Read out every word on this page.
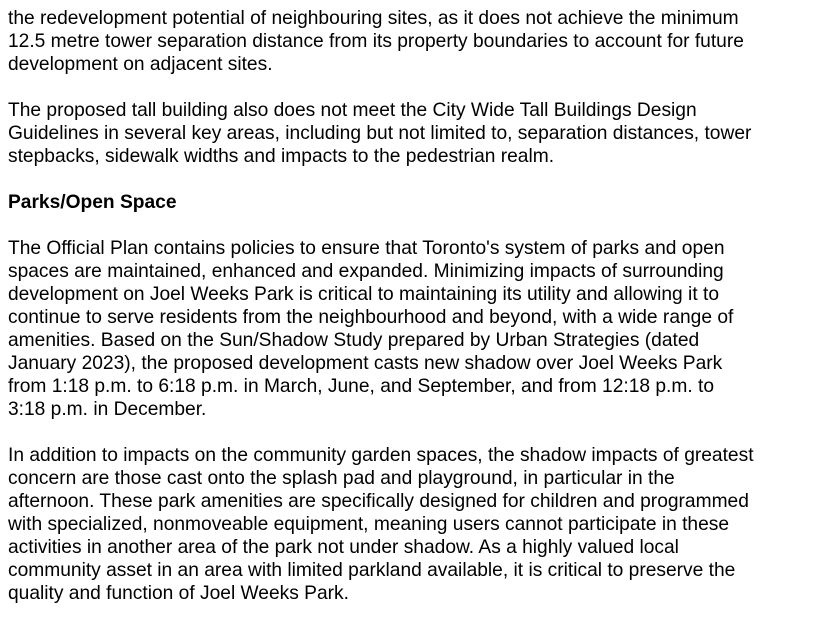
the redevelopment potential of neighbouring sites, as it does not achieve the minimum
12.5 metre tower separation distance from its property boundaries to account for future
development on adjacent sites.

The proposed tall building also does not meet the City Wide Tall Buildings Design
Guidelines in several key areas, including but not limited to, separation distances, tower
stepbacks, sidewalk widths and impacts to the pedestrian realm.

Parks/Open Space

The Official Plan contains policies to ensure that Toronto's system of parks and open
spaces are maintained, enhanced and expanded. Minimizing impacts of surrounding
development on Joel Weeks Park is critical to maintaining its utility and allowing it to
continue to serve residents from the neighbourhood and beyond, with a wide range of
amenities. Based on the Sun/Shadow Study prepared by Urban Strategies (dated
January 2023), the proposed development casts new shadow over Joel Weeks Park
from 1:18 p.m. to 6:18 p.m. in March, June, and September, and from 12:18 p.m. to
3:18 p.m. in December.

In addition to impacts on the community garden spaces, the shadow impacts of greatest
concern are those cast onto the splash pad and playground, in particular in the
afternoon. These park amenities are specifically designed for children and programmed
with specialized, nonmoveable equipment, meaning users cannot participate in these
activities in another area of the park not under shadow. As a highly valued local
community asset in an area with limited parkland available, it is critical to preserve the
quality and function of Joel Weeks Park.
